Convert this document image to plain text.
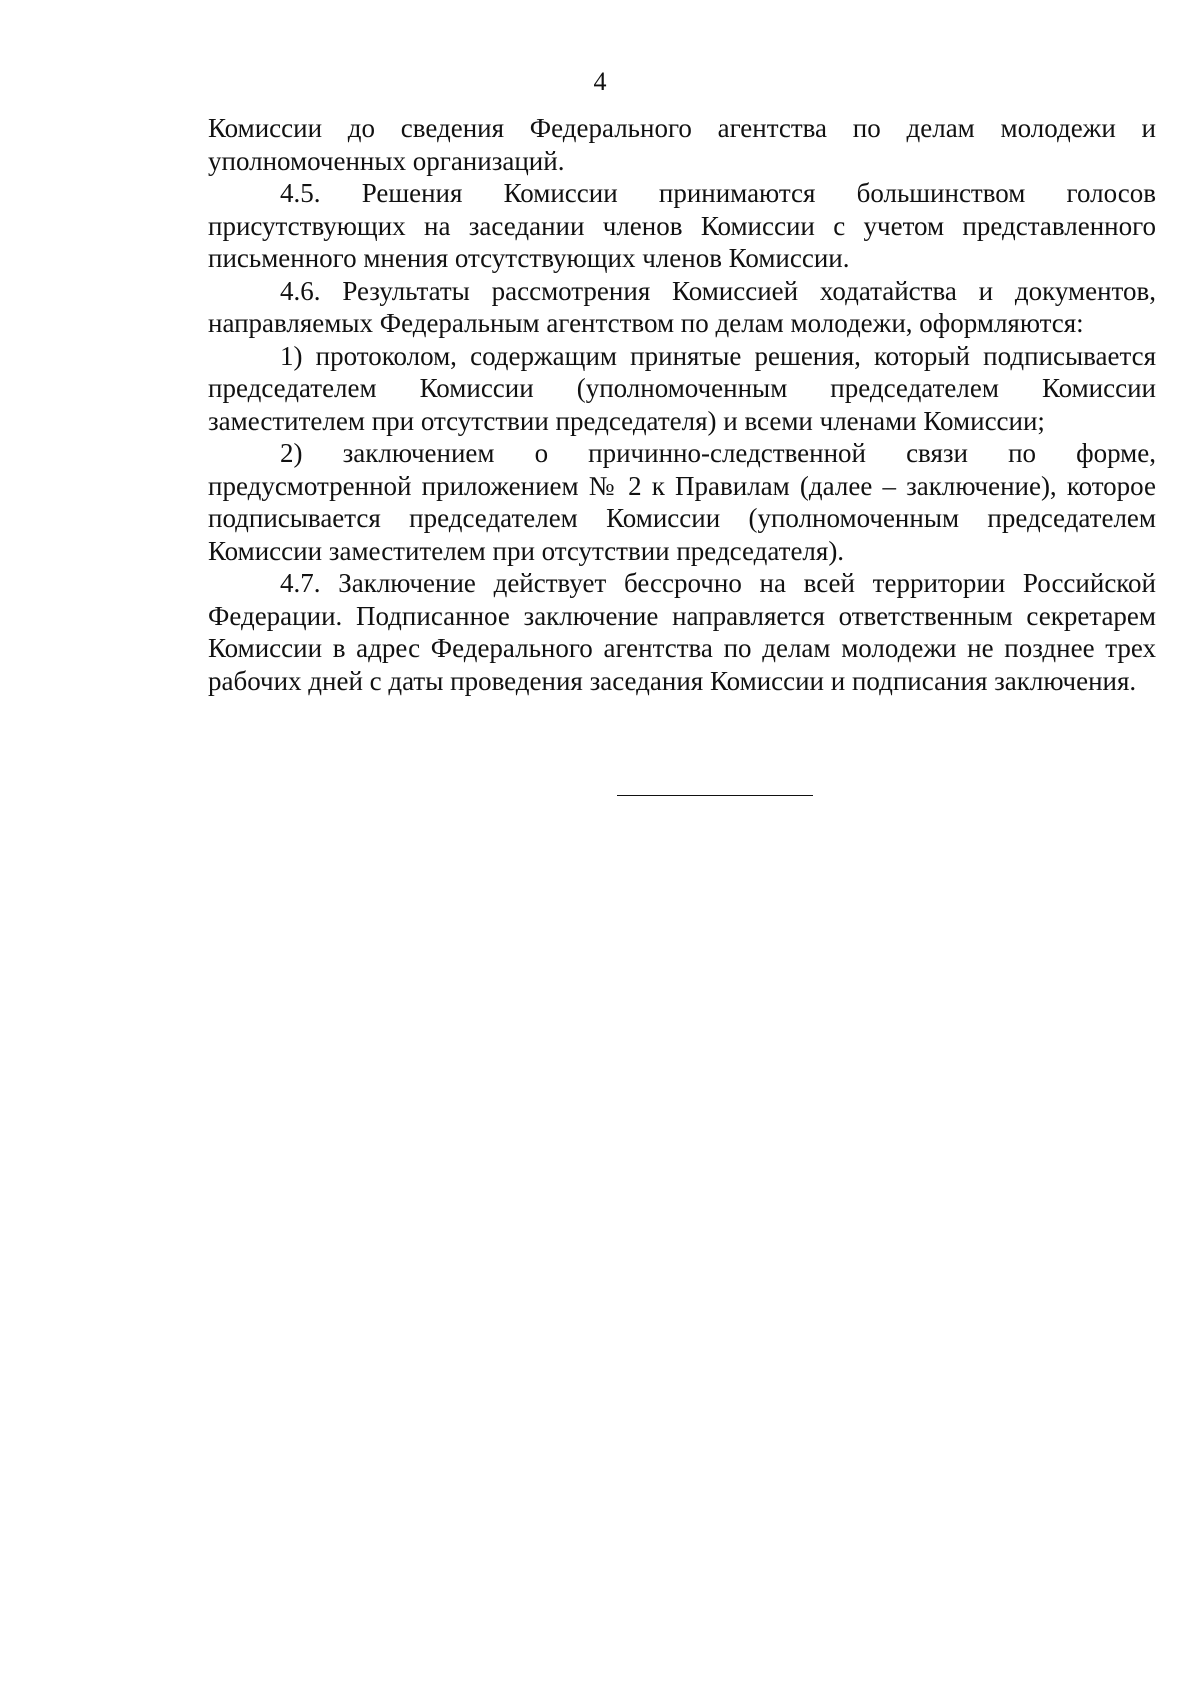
4

Комиссии до сведения Федерального агентства по делам молодежи и уполномоченных организаций.

4.5. Решения Комиссии принимаются большинством голосов присутствующих на заседании членов Комиссии с учетом представленного письменного мнения отсутствующих членов Комиссии.

4.6. Результаты рассмотрения Комиссией ходатайства и документов, направляемых Федеральным агентством по делам молодежи, оформляются:

1) протоколом, содержащим принятые решения, который подписывается председателем Комиссии (уполномоченным председателем Комиссии заместителем при отсутствии председателя) и всеми членами Комиссии;

2) заключением о причинно-следственной связи по форме, предусмотренной приложением № 2 к Правилам (далее – заключение), которое подписывается председателем Комиссии (уполномоченным председателем Комиссии заместителем при отсутствии председателя).

4.7. Заключение действует бессрочно на всей территории Российской Федерации. Подписанное заключение направляется ответственным секретарем Комиссии в адрес Федерального агентства по делам молодежи не позднее трех рабочих дней с даты проведения заседания Комиссии и подписания заключения.
